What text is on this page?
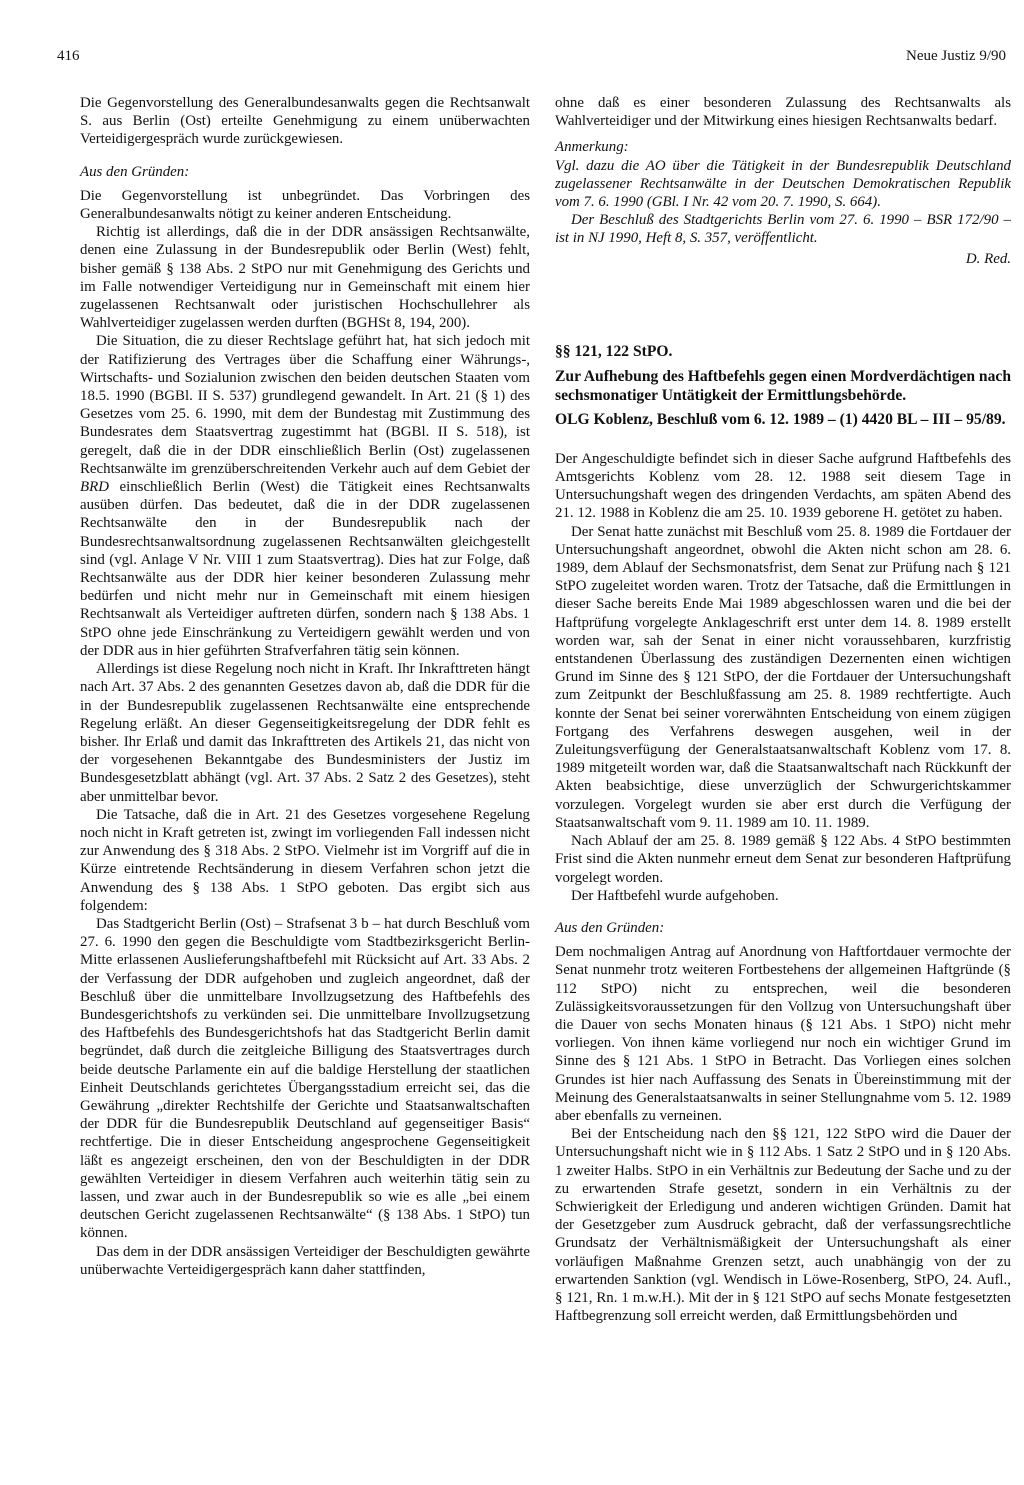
416	Neue Justiz 9/90

Die Gegenvorstellung des Generalbundesanwalts gegen die Rechtsanwalt S. aus Berlin (Ost) erteilte Genehmigung zu einem unüberwachten Verteidigergespräch wurde zurückgewiesen.

Aus den Gründen:

Die Gegenvorstellung ist unbegründet. Das Vorbringen des Generalbundesanwalts nötigt zu keiner anderen Entscheidung.

Richtig ist allerdings, daß die in der DDR ansässigen Rechtsanwälte, denen eine Zulassung in der Bundesrepublik oder Berlin (West) fehlt, bisher gemäß § 138 Abs. 2 StPO nur mit Genehmigung des Gerichts und im Falle notwendiger Verteidigung nur in Gemeinschaft mit einem hier zugelassenen Rechtsanwalt oder juristischen Hochschullehrer als Wahlverteidiger zugelassen werden durften (BGHSt 8, 194, 200).

Die Situation, die zu dieser Rechtslage geführt hat, hat sich jedoch mit der Ratifizierung des Vertrages über die Schaffung einer Währungs-, Wirtschafts- und Sozialunion zwischen den beiden deutschen Staaten vom 18.5. 1990 (BGBl. II S. 537) grundlegend gewandelt. In Art. 21 (§ 1) des Gesetzes vom 25. 6. 1990, mit dem der Bundestag mit Zustimmung des Bundesrates dem Staatsvertrag zugestimmt hat (BGBl. II S. 518), ist geregelt, daß die in der DDR einschließlich Berlin (Ost) zugelassenen Rechtsanwälte im grenzüberschreitenden Verkehr auch auf dem Gebiet der BRD einschließlich Berlin (West) die Tätigkeit eines Rechtsanwalts ausüben dürfen. Das bedeutet, daß die in der DDR zugelassenen Rechtsanwälte den in der Bundesrepublik nach der Bundesrechtsanwaltsordnung zugelassenen Rechtsanwälten gleichgestellt sind (vgl. Anlage V Nr. VIII 1 zum Staatsvertrag). Dies hat zur Folge, daß Rechtsanwälte aus der DDR hier keiner besonderen Zulassung mehr bedürfen und nicht mehr nur in Gemeinschaft mit einem hiesigen Rechtsanwalt als Verteidiger auftreten dürfen, sondern nach § 138 Abs. 1 StPO ohne jede Einschränkung zu Verteidigern gewählt werden und von der DDR aus in hier geführten Strafverfahren tätig sein können.

Allerdings ist diese Regelung noch nicht in Kraft. Ihr Inkrafttreten hängt nach Art. 37 Abs. 2 des genannten Gesetzes davon ab, daß die DDR für die in der Bundesrepublik zugelassenen Rechtsanwälte eine entsprechende Regelung erläßt. An dieser Gegenseitigkeitsregelung der DDR fehlt es bisher. Ihr Erlaß und damit das Inkrafttreten des Artikels 21, das nicht von der vorgesehenen Bekanntgabe des Bundesministers der Justiz im Bundesgesetzblatt abhängt (vgl. Art. 37 Abs. 2 Satz 2 des Gesetzes), steht aber unmittelbar bevor.

Die Tatsache, daß die in Art. 21 des Gesetzes vorgesehene Regelung noch nicht in Kraft getreten ist, zwingt im vorliegenden Fall indessen nicht zur Anwendung des § 318 Abs. 2 StPO. Vielmehr ist im Vorgriff auf die in Kürze eintretende Rechtsänderung in diesem Verfahren schon jetzt die Anwendung des § 138 Abs. 1 StPO geboten. Das ergibt sich aus folgendem:

Das Stadtgericht Berlin (Ost) – Strafsenat 3 b – hat durch Beschluß vom 27. 6. 1990 den gegen die Beschuldigte vom Stadtbezirksgericht Berlin-Mitte erlassenen Auslieferungshaftbefehl mit Rücksicht auf Art. 33 Abs. 2 der Verfassung der DDR aufgehoben und zugleich angeordnet, daß der Beschluß über die unmittelbare Invollzugsetzung des Haftbefehls des Bundesgerichtshofs zu verkünden sei. Die unmittelbare Invollzugsetzung des Haftbefehls des Bundesgerichtshofs hat das Stadtgericht Berlin damit begründet, daß durch die zeitgleiche Billigung des Staatsvertrages durch beide deutsche Parlamente ein auf die baldige Herstellung der staatlichen Einheit Deutschlands gerichtetes Übergangsstadium erreicht sei, das die Gewährung „direkter Rechtshilfe der Gerichte und Staatsanwaltschaften der DDR für die Bundesrepublik Deutschland auf gegenseitiger Basis“ rechtfertige. Die in dieser Entscheidung angesprochene Gegenseitigkeit läßt es angezeigt erscheinen, den von der Beschuldigten in der DDR gewählten Verteidiger in diesem Verfahren auch weiterhin tätig sein zu lassen, und zwar auch in der Bundesrepublik so wie es alle „bei einem deutschen Gericht zugelassenen Rechtsanwälte“ (§ 138 Abs. 1 StPO) tun können.

Das dem in der DDR ansässigen Verteidiger der Beschuldigten gewährte unüberwachte Verteidigergespräch kann daher stattfinden,

ohne daß es einer besonderen Zulassung des Rechtsanwalts als Wahlverteidiger und der Mitwirkung eines hiesigen Rechtsanwalts bedarf.

Anmerkung:

Vgl. dazu die AO über die Tätigkeit in der Bundesrepublik Deutschland zugelassener Rechtsanwälte in der Deutschen Demokratischen Republik vom 7. 6. 1990 (GBl. I Nr. 42 vom 20. 7. 1990, S. 664).

Der Beschluß des Stadtgerichts Berlin vom 27. 6. 1990 – BSR 172/90 – ist in NJ 1990, Heft 8, S. 357, veröffentlicht.

D. Red.

§§ 121, 122 StPO.

Zur Aufhebung des Haftbefehls gegen einen Mordverdächtigen nach sechsmonatiger Untätigkeit der Ermittlungsbehörde.

OLG Koblenz, Beschluß vom 6. 12. 1989 – (1) 4420 BL – III – 95/89.

Der Angeschuldigte befindet sich in dieser Sache aufgrund Haftbefehls des Amtsgerichts Koblenz vom 28. 12. 1988 seit diesem Tage in Untersuchungshaft wegen des dringenden Verdachts, am späten Abend des 21. 12. 1988 in Koblenz die am 25. 10. 1939 geborene H. getötet zu haben.

Der Senat hatte zunächst mit Beschluß vom 25. 8. 1989 die Fortdauer der Untersuchungshaft angeordnet, obwohl die Akten nicht schon am 28. 6. 1989, dem Ablauf der Sechsmonatsfrist, dem Senat zur Prüfung nach § 121 StPO zugeleitet worden waren. Trotz der Tatsache, daß die Ermittlungen in dieser Sache bereits Ende Mai 1989 abgeschlossen waren und die bei der Haftprüfung vorgelegte Anklageschrift erst unter dem 14. 8. 1989 erstellt worden war, sah der Senat in einer nicht voraussehbaren, kurzfristig entstandenen Überlassung des zuständigen Dezernenten einen wichtigen Grund im Sinne des § 121 StPO, der die Fortdauer der Untersuchungshaft zum Zeitpunkt der Beschlußfassung am 25. 8. 1989 rechtfertigte. Auch konnte der Senat bei seiner vorerwähnten Entscheidung von einem zügigen Fortgang des Verfahrens deswegen ausgehen, weil in der Zuleitungsverfügung der Generalstaatsanwaltschaft Koblenz vom 17. 8. 1989 mitgeteilt worden war, daß die Staatsanwaltschaft nach Rückkunft der Akten beabsichtige, diese unverzüglich der Schwurgerichtskammer vorzulegen. Vorgelegt wurden sie aber erst durch die Verfügung der Staatsanwaltschaft vom 9. 11. 1989 am 10. 11. 1989.

Nach Ablauf der am 25. 8. 1989 gemäß § 122 Abs. 4 StPO bestimmten Frist sind die Akten nunmehr erneut dem Senat zur besonderen Haftprüfung vorgelegt worden.

Der Haftbefehl wurde aufgehoben.

Aus den Gründen:

Dem nochmaligen Antrag auf Anordnung von Haftfortdauer vermochte der Senat nunmehr trotz weiteren Fortbestehens der allgemeinen Haftgründe (§ 112 StPO) nicht zu entsprechen, weil die besonderen Zulässigkeitsvoraussetzungen für den Vollzug von Untersuchungshaft über die Dauer von sechs Monaten hinaus (§ 121 Abs. 1 StPO) nicht mehr vorliegen. Von ihnen käme vorliegend nur noch ein wichtiger Grund im Sinne des § 121 Abs. 1 StPO in Betracht. Das Vorliegen eines solchen Grundes ist hier nach Auffassung des Senats in Übereinstimmung mit der Meinung des Generalstaatsanwalts in seiner Stellungnahme vom 5. 12. 1989 aber ebenfalls zu verneinen.

Bei der Entscheidung nach den §§ 121, 122 StPO wird die Dauer der Untersuchungshaft nicht wie in § 112 Abs. 1 Satz 2 StPO und in § 120 Abs. 1 zweiter Halbs. StPO in ein Verhältnis zur Bedeutung der Sache und zu der zu erwartenden Strafe gesetzt, sondern in ein Verhältnis zu der Schwierigkeit der Erledigung und anderen wichtigen Gründen. Damit hat der Gesetzgeber zum Ausdruck gebracht, daß der verfassungsrechtliche Grundsatz der Verhältnismäßigkeit der Untersuchungshaft als einer vorläufigen Maßnahme Grenzen setzt, auch unabhängig von der zu erwartenden Sanktion (vgl. Wendisch in Löwe-Rosenberg, StPO, 24. Aufl., § 121, Rn. 1 m.w.H.). Mit der in § 121 StPO auf sechs Monate festgesetzten Haftbegrenzung soll erreicht werden, daß Ermittlungsbehörden und
